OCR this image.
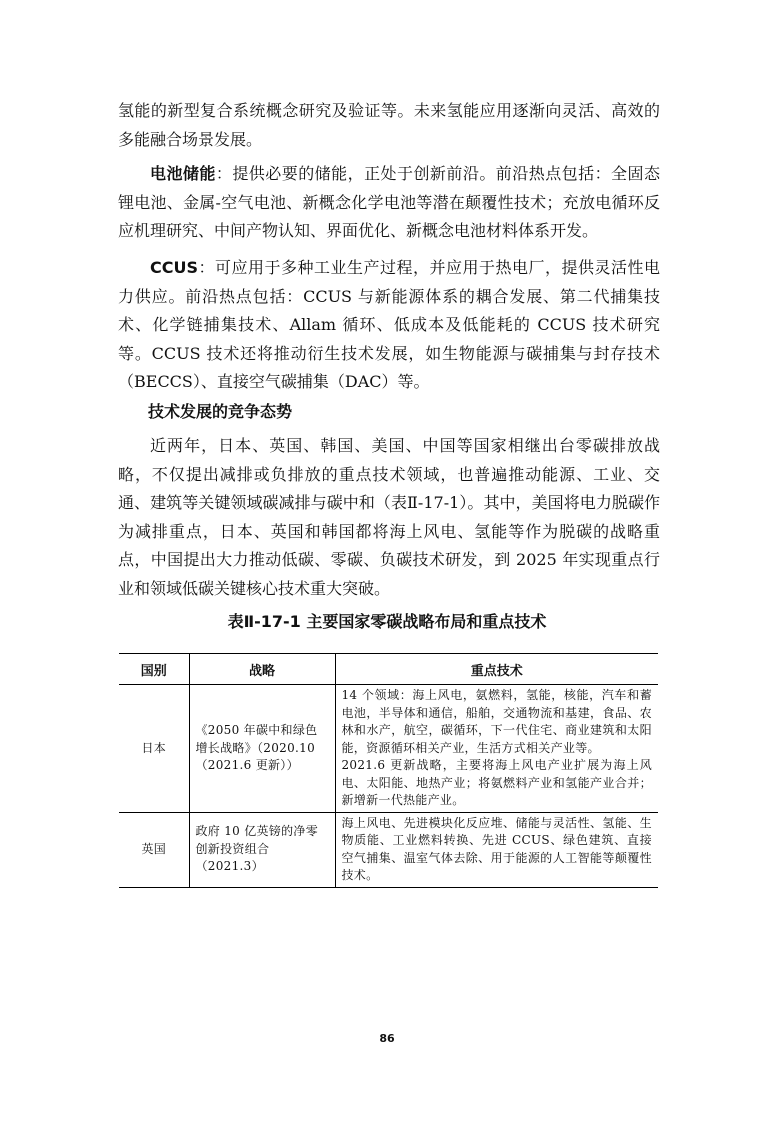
氢能的新型复合系统概念研究及验证等。未来氢能应用逐渐向灵活、高效的多能融合场景发展。

电池储能：提供必要的储能，正处于创新前沿。前沿热点包括：全固态锂电池、金属-空气电池、新概念化学电池等潜在颠覆性技术；充放电循环反应机理研究、中间产物认知、界面优化、新概念电池材料体系开发。

CCUS：可应用于多种工业生产过程，并应用于热电厂，提供灵活性电力供应。前沿热点包括：CCUS 与新能源体系的耦合发展、第二代捕集技术、化学链捕集技术、Allam 循环、低成本及低能耗的 CCUS 技术研究等。CCUS 技术还将推动衍生技术发展，如生物能源与碳捕集与封存技术（BECCS）、直接空气碳捕集（DAC）等。

技术发展的竞争态势

近两年，日本、英国、韩国、美国、中国等国家相继出台零碳排放战略，不仅提出减排或负排放的重点技术领域，也普遍推动能源、工业、交通、建筑等关键领域碳减排与碳中和（表Ⅱ-17-1）。其中，美国将电力脱碳作为减排重点，日本、英国和韩国都将海上风电、氢能等作为脱碳的战略重点，中国提出大力推动低碳、零碳、负碳技术研发，到 2025 年实现重点行业和领域低碳关键核心技术重大突破。

表Ⅱ-17-1 主要国家零碳战略布局和重点技术
国别	战略	重点技术
日本	《2050 年碳中和绿色增长战略》（2020.10（2021.6 更新））	14 个领域：海上风电，氨燃料，氢能，核能，汽车和蓄电池，半导体和通信，船舶，交通物流和基建，食品、农林和水产，航空，碳循环，下一代住宅、商业建筑和太阳能，资源循环相关产业，生活方式相关产业等。
2021.6 更新战略，主要将海上风电产业扩展为海上风电、太阳能、地热产业；将氨燃料产业和氢能产业合并；新增新一代热能产业。

英国	政府 10 亿英镑的净零创新投资组合（2021.3）	海上风电、先进模块化反应堆、储能与灵活性、氢能、生物质能、工业燃料转换、先进 CCUS、绿色建筑、直接空气捕集、温室气体去除、用于能源的人工智能等颠覆性技术。
86
